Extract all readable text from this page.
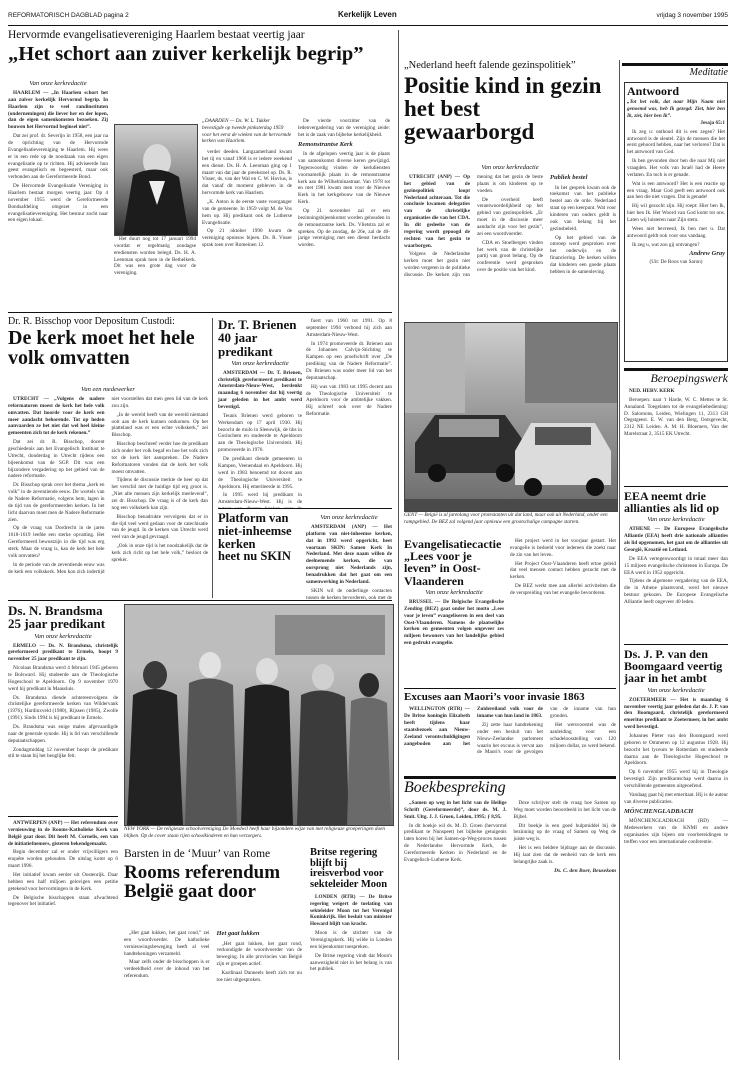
REFORMATORISCH DAGBLAD pagina 2	Kerkelijk Leven	vrijdag 3 november 1995

Hervormde evangelisatievereniging Haarlem bestaat veertig jaar

„Het schort aan zuiver kerkelijk begrip”

Van onze kerkredactie

HAARLEM — „In Haarlem schort het aan zuiver kerkelijk Hervormd begrip. In Haarlem zijn te veel randinstituten (ondernemingen) die liever her en der lopen, dan de eigen samenkomsten bezoeken. Zij bouwen het Hervormd beginsel niet”.

Dat zei prof. dr. Severijn in 1958, een jaar na de oprichting van de Hervormde Evangelisatievereniging te Haarlem. Hij wees er in een rede op de noodzaak van een eigen evangelisatie op te richten. Hij adviseerde hun geest evangelisch en begeesterd, maar ook verbonden aan de Gereformeerde Bond.

De Hervormde Evangelisatie Vereniging in Haarlem bestaat morgen veertig jaar. Op 4 november 1955 werd de Gereformeerde Bondsafdeling omgezet in een evangelisatievereniging. Het bestuur zocht naar een eigen lokaal.

Het duurt nog tot 17 januari 1994 voordat er regelmatig zondagse erediensten worden belegd. Ds. H. A. Leenman sprak toen in de Bethelkerk. Dit was een grote dag voor de vereniging.

„DAARDEN — Ds. W. L. Tukker bevestigde op tweede pinksterdag 1959 voor het eerst de wieken van de hervormde kerken van Haarlem.

verder deeden. Langzamerhand kwam het tij en vanaf 1968 is er iedere weekend een dienst. Ds. H. A. Leenman ging op 1 maart van dat jaar de preekstoel op. Ds. R. Visser, ds. van der Wal en C. W. Hovius, is dat vanaf dit moment gebleven in de hervormde kerk van Haarlem.

„K. Anton is de eerste vaste voorganger van de gemeente. In 1959 volgt M. de Vos hem op. Hij predikant ook de Lutherse Evangelisatie.

Op 21 oktober 1990 kwam de vereniging opnieuw bijeen. Ds. R. Visser sprak toen over Romeinen 12.

De vierde voorzitter van de ledenvergadering van de vereniging zeide: het is de zaak van bijbelse kerkelijkheid.

Remonstrantse Kerk

In de afgelopen veertig jaar is de plaats van samenkomst diverse keren gewijzigd. Tegenwoordig vinden de kerkdiensten voornamelijk plaats in de remonstrantse kerk aan de Wilhelminastraat. Van 1978 tot en met 1981 kwam men voor de Nieuwe Kerk in het kerkgebouw van de Nieuwe Kerk.

Op 21 november zal er een bezinningsbijeenkomst worden gehouden in de remonstrantse kerk. Ds. Vlietstra zal er spreken. Op de zondag, de 26e, zal de 40-jarige vereniging met een dienst herdacht worden.

Dr. R. Bisschop voor Depositum Custodi:

De kerk moet het hele volk omvatten

Van een medewerker

UTRECHT — „Volgens de nadere reformatoren moest de kerk het hele volk omvatten. Dat hoorde voor de kerk een meer aandacht behorende. Tot op heden aanvaarden ze het niet dat wel heel kleine gemeenten zich tot de kerk rekenen.”

Dat zei dr. R. Bisschop, docent geschiedenis aan het Evangelisch Instituut te Utrecht, donderdag in Utrecht tijdens een bijeenkomst van de SGP. Dit was een bijzondere vergadering op het gebied van de nadere reformatie.

Dr. Bisschop sprak over het thema „kerk en volk” in de zeventiende eeuw. De wortels van de Nadere Reformatie, volgens hem, lagen in de tijd van de gereformeerden kerken. In het licht daarvan moet men de Nadere Reformatie zien.

Op de vraag van Dordrecht in de jaren 1618-1619 leefde een sterke opvatting. Het Gereformeerd bewustzijn in die tijd was erg sterk. Maar de vraag is, kan de kerk het hele volk omvatten?

In de periode van de zeventiende eeuw was de kerk een volkskerk. Men kon zich indertijd niet voorstellen dat men geen lid van de kerk zou zijn.

„In de wereld heeft van de wereld niemand ooit aan de kerk kunnen ontkomen. Op het platteland was er een echte volkskerk,” zei Bisschop.

Bisschop beschreef verder hoe de predikant zich onder het volk begaf en hoe het volk zich tot de kerk liet aanspreken. De Nadere Reformatoren vonden dat de kerk het volk moest omvatten.

Tijdens de discussie merkte de heer op dat het verschil met de huidige tijd erg groot is. „Niet alle mensen zijn kerkelijk meelevend”, zei dr. Bisschop. De vraag is of de kerk dan nog een volkskerk kan zijn.

Bisschop benadrukte vervolgens dat er in die tijd veel werd gedaan voor de catechisatie van de jeugd. In de kerken van Utrecht werd veel van de jeugd gevraagd.

„Ook in onze tijd is het noodzakelijk dat de kerk zich richt op het hele volk,” besloot de spreker.

Dr. T. Brienen

40 jaar predikant

Van onze kerkredactie

AMSTERDAM — Dr. T. Brienen, christelijk gereformeerd predikant te Amsterdam-Nieuw-West, herdenkt maandag 6 november dat hij veertig jaar geleden in het ambt werd bevestigd.

Teunis Brienen werd geboren te Werkendam op 17 april 1930. Hij bezocht de mulo in Sleeuwijk, de hbs in Gorinchem en studeerde te Apeldoorn aan de Theologische Universiteit. Hij promoveerde in 1976.

De predikant diende gemeenten in Kampen, Veenendaal en Apeldoorn. Hij werd in 1983 benoemd tot docent aan de Theologische Universiteit te Apeldoorn. Hij emeriteerde in 1995.

In 1995 werd hij predikant in Amsterdam-Nieuw-West. Hij is de

fuert van 1960 tot 1991. Op 8 september 1994 verbond hij zich aan Amsterdam-Nieuw-West.

In 1974 promoveerde dr. Brienen aan de Johannes Calvijn-Stichting te Kampen op een proefschrift over „De prediking van de Nadere Reformatie”. Dr. Brienen was onder meer lid van het deputaatschap.

Hij was van 1983 tot 1995 docent aan de Theologische Universiteit te Apeldoorn voor de ambtelijke vakken. Hij schreef ook over de Nadere Reformatie.

Platform van niet-inheemse kerken

heet nu SKIN

Van onze kerkredactie

AMSTERDAM (ANP) — Het platform van niet-inheemse kerken, dat in 1992 werd opgericht, heet voortaan SKIN: Samen Kerk In Nederland. Met deze naam willen de deelnemende kerken, die van oorsprong niet Nederlands zijn, benadrukken dat het gaat om een samenwerking in Nederland.

SKIN wil de onderlinge contacten tussen de kerken bevorderen, ook met de

Ds. N. Brandsma

25 jaar predikant

Van onze kerkredactie

ERMELO — Ds. N. Brandsma, christelijk gereformeerd predikant te Ermelo, hoopt 9 november 25 jaar predikant te zijn.

Nicolaas Brandsma werd 4 februari 1945 geboren te Bolsward. Hij studeerde aan de Theologische Hogeschool te Apeldoorn. Op 9 november 1970 werd hij predikant in Maassluis.

Ds. Brandsma diende achtereenvolgens de christelijke gereformeerde kerken van Wildervank (1976), Hardinxveld (1980), Rijssen (1985), Zwolle (1991). Sinds 1994 is hij predikant te Ermelo.

Ds. Brandsma was enige malen afgevaardigde naar de generale synode. Hij is lid van verschillende deputaatschappen.

Zondagmiddag 12 november hoopt de predikant stil te staan bij het heuglijke feit.

NEW YORK — De religieuze schoolvereniging De Moedwil heeft haar bijzondere wijze van met religieuze groeperingen doen blijken. Op de cover staan rijen schoolkinderen en hun verzorgers.

ANTWERPEN (ANP) — Het referendum over vernieuwing in de Rooms-Katholieke Kerk van België gaat door. Dit heeft M. Cornelis, een van de initiatiefnemers, gisteren bekendgemaakt.

Begin december zal er onder vrijwilligers een enquête worden gehouden. De uitslag komt op 6 maart 1996.

Het initiatief kwam eerder uit Oostenrijk. Daar hebben een half miljoen gelovigen een petitie getekend voor hervormingen in de Kerk.

De Belgische bisschoppen staan afwachtend tegenover het initiatief.

Barsten in de ‘Muur’ van Rome

Rooms referendum België gaat door

„Het gaat lukken, het gaat rond,” zei een woordvoerder. De katholieke vernieuwingsbeweging heeft al veel handtekeningen verzameld.

Maar zelfs onder de bisschoppen is er verdeeldheid over de inhoud van het referendum.

Het gaat lukken

„Het gaat lukken, het gaat rond, verkondigde de woordvoerder van de beweging. In alle provincies van België zijn er groepen actief.

Kardinaal Danneels heeft zich tot nu toe niet uitgesproken.

Britse regering blijft bij ireisverbod voor sekteleider Moon

LONDEN (RTR) — De Britse regering weigert de toelating van sekteleider Moon tot het Verenigd Koninkrijk. Het besluit van minister Howard blijft van kracht.

Moon is de stichter van de Verenigingskerk. Hij wilde in Londen een bijeenkomst toespreken.

De Britse regering vindt dat Moon's aanwezigheid niet in het belang is van het publiek.

„Nederland heeft falende gezinspolitiek”

Positie kind in gezin het best gewaarborgd

Van onze kerkredactie

UTRECHT (ANP) — Op het gebied van de gezinspolitiek loopt Nederland achteraan. Tot die conclusie kwamen delegaties van de christelijke organisaties die van het CDA. In dit gedeelte van de regering wordt gepoogd de rechten van het gezin te waarborgen.

Volgens de Nederlandse kerken moet het gezin niet worden vergeten in de politieke discussie. De kerken zijn van mening dat het gezin de beste plaats is om kinderen op te voeden.

De overheid heeft verantwoordelijkheid op het gebied van gezinspolitiek. „Er moet in de discussie meer aandacht zijn voor het gezin”, zei een woordvoerder.

CDA en Stoelbergen vinden het werk van de christelijke partij van groot belang. Op de conferentie werd gesproken over de positie van het kind.

Publiek bestel

In het gesprek kwam ook de toekomst van het publieke bestel aan de orde. Nederland staat op een keerpunt. Wat voor kinderen van ouders geldt is ook van belang bij het gezinsbeleid.

Op het gebied van de omroep werd gesproken over het onderwijs en de financiering. De kerken willen dat kinderen een goede plaats hebben in de samenleving.

GENT — België is al jarenlang voor protestanten uit dat land, maar ook uit Nederland, onder een rampgebied. De BEZ zal volgend jaar opnieuw een grootschalige campagne starten.

Evangelisatiecactie

„Lees voor je leven” in Oost-Vlaanderen

Van onze kerkredactie

BRUSSEL — De Belgische Evangelische Zending (BEZ) gaat onder het motto „Lees voor je leven” evangeliseren in een deel van Oost-Vlaanderen. Namens de plaatselijke kerken en gemeenten volgen ongeveer zes miljoen bewoners van het landelijke gebied een gedrukt evangelie.

Het project werd in het voorjaar gestart. Het evangelie is bedoeld voor iedereen die zoekt naar de zin van het leven.

Het Project Oost-Vlaanderen heeft ertoe geleid dat veel mensen contact hebben gezocht met de kerken.

De BEZ werkt mee aan allerlei activiteiten die de verspreiding van het evangelie bevorderen.

Excuses aan Maori’s voor invasie 1863

WELLINGTON (RTR) — De Britse koningin Elizabeth heeft tijdens haar staatsbezoek aan Nieuw-Zeeland verontschuldigingen aangeboden aan het Zuidereiland volk voor de inname van hun land in 1863.

Zij zette haar handtekening onder een besluit van het Nieuw-Zeelandse parlement waarin het excuus is vervat aan de Maori's voor de gevolgen van de inname van hun gronden.

Het wetsvoorstel was de aanleiding voor een schadeloosstelling van 120 miljoen dollar, zo werd bekend.

Boekbespreking

„Samen op weg in het licht van de Heilige Schrift (Gereformeerde)”, door ds. M. J. Smit. Uitg. J. J. Groen, Leiden, 1995; ƒ 8,95.

In dit boekje wil ds. M. D. Groen (hervormd predikant te Nunspeet) het bijbelse getuigenis laten horen bij het Samen-op-Weg-proces tussen de Nederlandse Hervormde Kerk, de Gereformeerde Kerken in Nederland en de Evangelisch-Lutherse Kerk.

Deze schrijver stelt de vraag hoe Samen op Weg moet worden beoordeeld in het licht van de Bijbel.

Dit boekje is een goed hulpmiddel bij de bezinning op de vraag of Samen op Weg de juiste weg is.

Het is een heldere bijdrage aan de discussie. Hij laat zien dat de eenheid van de kerk een belangrijke zaak is.

Ds. C. den Boer, Beusekom

Meditatie

Antwoord

„Tot het volk, dat naar Mijn Naam niet genoemd was, heb Ik gezegd: Ziet, hier ben Ik, ziet, hier ben Ik”.
Jesaja 65:1

Ik zeg u: onthoud dit is een zegen? Het antwoord is de sleutel. Zijn de mensen die het eerst gehoord hebben, naar het verloren? Dat is het antwoord van God.

Ik ben gevonden door hen die naar Mij niet vraagden. Het volk van Israël had de Heere verlaten. En toch is er genade.

Wat is een antwoord? Het is een reactie op een vraag. Maar God geeft een antwoord ook aan hen die niet vragen. Dat is genade!

Hij wil gezocht zijn. Hij roept: Hier ben Ik, hier ben Ik. Het Woord van God komt tot ons. Laten wij luisteren naar Zijn stem.

Wees niet bevreesd, Ik ben met u. Dat antwoord geldt ook voor ons vandaag.

Ik zeg u, wat zou gij ontvangen?

Andrew Gray
(Uit: De Roos van Saron)
Beroepingswerk

NED. HERV. KERK

Beroepen: naar 't Harde, W. C. Mettes te St. Annaland. Toegelaten tot de evangeliebediening: D. Salomons, Leiden, Wielingen 11, 2313 GH Oegstgeest. E. W. van den Berg, Ootsgevecht, 2312 NE Leiden. A. M. H. Bloemers, Van der Marelstraat 2, 3515 EK Utrecht.

EEA neemt drie allianties als lid op

Van onze kerkredactie

ATHENE — De Europese Evangelische Alliantie (EEA) heeft drie nationale allianties als lid opgenomen, het gaat om de allianties uit Georgië, Kroatië en Letland.

De EEA vertegenwoordigt in totaal meer dan 15 miljoen evangelische christenen in Europa. De EEA werd in 1952 opgericht.

Tijdens de algemene vergadering van de EEA, die in Athene plaatsvond, werd het nieuwe bestuur gekozen. De Europese Evangelische Alliantie heeft ongeveer 40 leden.

Ds. J. P. van den Boomgaard veertig jaar in het ambt

Van onze kerkredactie

ZOETERMEER — Het is maandag 6 november veertig jaar geleden dat ds. J. P. van den Boomgaard, christelijk gereformeerd emeritus predikant te Zoetermeer, in het ambt werd bevestigd.

Johannes Pieter van den Boomgaard werd geboren te Ommeren op 12 augustus 1928. Hij bezocht het lyceum te Rotterdam en studeerde daarna aan de Theologische Hogeschool te Apeldoorn.

Op 6 november 1955 werd hij in Theologie bevestigd. Zijn predikantschap werd daarna in verschillende gemeenten uitgeoefend.

Vandaag gaat hij met emeritaat. Hij is de auteur van diverse publicaties.

MÖNCHENGLADBACH

MÖNCHENGLADBACH (RD) — Medewerkers van de KNMI en andere organisaties zijn bijeen om voorbereidingen te treffen voor een internationale conferentie.
